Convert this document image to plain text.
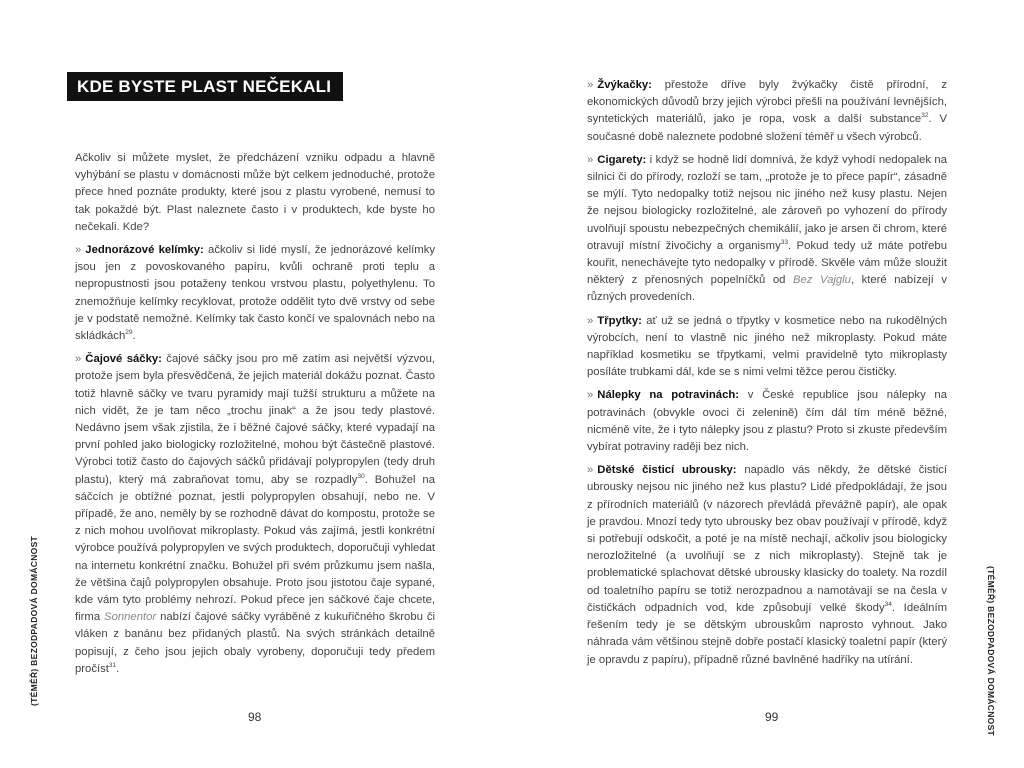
KDE BYSTE PLAST NEČEKALI

Ačkoliv si můžete myslet, že předcházení vzniku odpadu a hlavně vyhýbání se plastu v domácnosti může být celkem jednoduché, protože přece hned poznáte produkty, které jsou z plastu vyrobené, nemusí to tak pokaždé být. Plast naleznete často i v produktech, kde byste ho nečekali. Kde?

» Jednorázové kelímky: ačkoliv si lidé myslí, že jednorázové kelímky jsou jen z povoskovaného papíru, kvůli ochraně proti teplu a nepropustnosti jsou potaženy tenkou vrstvou plastu, polyethylenu. To znemožňuje kelímky recyklovat, protože oddělit tyto dvě vrstvy od sebe je v podstatě nemožné. Kelímky tak často končí ve spalovnách nebo na skládkách$^{29}$.

» Čajové sáčky: čajové sáčky jsou pro mě zatím asi největší výzvou, protože jsem byla přesvědčená, že jejich materiál dokážu poznat. Často totiž hlavně sáčky ve tvaru pyramidy mají tužší strukturu a můžete na nich vidět, že je tam něco „trochu jinak“ a že jsou tedy plastové. Nedávno jsem však zjistila, že i běžné čajové sáčky, které vypadají na první pohled jako biologicky rozložitelné, mohou být částečně plastové. Výrobci totiž často do čajových sáčků přidávají polypropylen (tedy druh plastu), který má zabraňovat tomu, aby se rozpadly$^{30}$. Bohužel na sáčcích je obtížné poznat, jestli polypropylen obsahují, nebo ne. V případě, že ano, neměly by se rozhodně dávat do kompostu, protože se z nich mohou uvolňovat mikroplasty. Pokud vás zajímá, jestli konkrétní výrobce používá polypropylen ve svých produktech, doporučuji vyhledat na internetu konkrétní značku. Bohužel při svém průzkumu jsem našla, že většina čajů polypropylen obsahuje. Proto jsou jistotou čaje sypané, kde vám tyto problémy nehrozí. Pokud přece jen sáčkové čaje chcete, firma Sonnentor nabízí čajové sáčky vyráběné z kukuřičného škrobu či vláken z banánu bez přidaných plastů. Na svých stránkách detailně popisují, z čeho jsou jejich obaly vyrobeny, doporučuji tedy předem pročíst$^{31}$.

(TÉMĚŘ) BEZODPADOVÁ DOMÁCNOST
98

» Žvýkačky: přestože dříve byly žvýkačky čistě přírodní, z ekonomických důvodů brzy jejich výrobci přešli na používání levnějších, syntetických materiálů, jako je ropa, vosk a další substance$^{32}$. V současné době naleznete podobné složení téměř u všech výrobců.

» Cigarety: i když se hodně lidí domnívá, že když vyhodí nedopalek na silnici či do přírody, rozloží se tam, „protože je to přece papír“, zásadně se mýlí. Tyto nedopalky totiž nejsou nic jiného než kusy plastu. Nejen že nejsou biologicky rozložitelné, ale zároveň po vyhození do přírody uvolňují spoustu nebezpečných chemikálií, jako je arsen či chrom, které otravují místní živočichy a organismy$^{33}$. Pokud tedy už máte potřebu kouřit, nenechávejte tyto nedopalky v přírodě. Skvěle vám může sloužit některý z přenosných popelníčků od Bez Vajglu, které nabízejí v různých provedeních.

» Třpytky: ať už se jedná o třpytky v kosmetice nebo na rukodělných výrobcích, není to vlastně nic jiného než mikroplasty. Pokud máte například kosmetiku se třpytkami, velmi pravidelně tyto mikroplasty posíláte trubkami dál, kde se s nimi velmi těžce perou čističky.

» Nálepky na potravinách: v České republice jsou nálepky na potravinách (obvykle ovoci či zelenině) čím dál tím méně běžné, nicméně víte, že i tyto nálepky jsou z plastu? Proto si zkuste především vybírat potraviny raději bez nich.

» Dětské čisticí ubrousky: napadlo vás někdy, že dětské čisticí ubrousky nejsou nic jiného než kus plastu? Lidé předpokládají, že jsou z přírodních materiálů (v názorech převládá převážně papír), ale opak je pravdou. Mnozí tedy tyto ubrousky bez obav používají v přírodě, když si potřebují odskočit, a poté je na místě nechají, ačkoliv jsou biologicky nerozložitelné (a uvolňují se z nich mikroplasty). Stejně tak je problematické splachovat dětské ubrousky klasicky do toalety. Na rozdíl od toaletního papíru se totiž nerozpadnou a namotávají se na česla v čističkách odpadních vod, kde způsobují velké škody$^{34}$. Ideálním řešením tedy je se dětským ubrouskům naprosto vyhnout. Jako náhrada vám většinou stejně dobře postačí klasický toaletní papír (který je opravdu z papíru), případně různé bavlněné hadříky na utírání.

99	(TÉMĚŘ) BEZODPADOVÁ DOMÁCNOST
